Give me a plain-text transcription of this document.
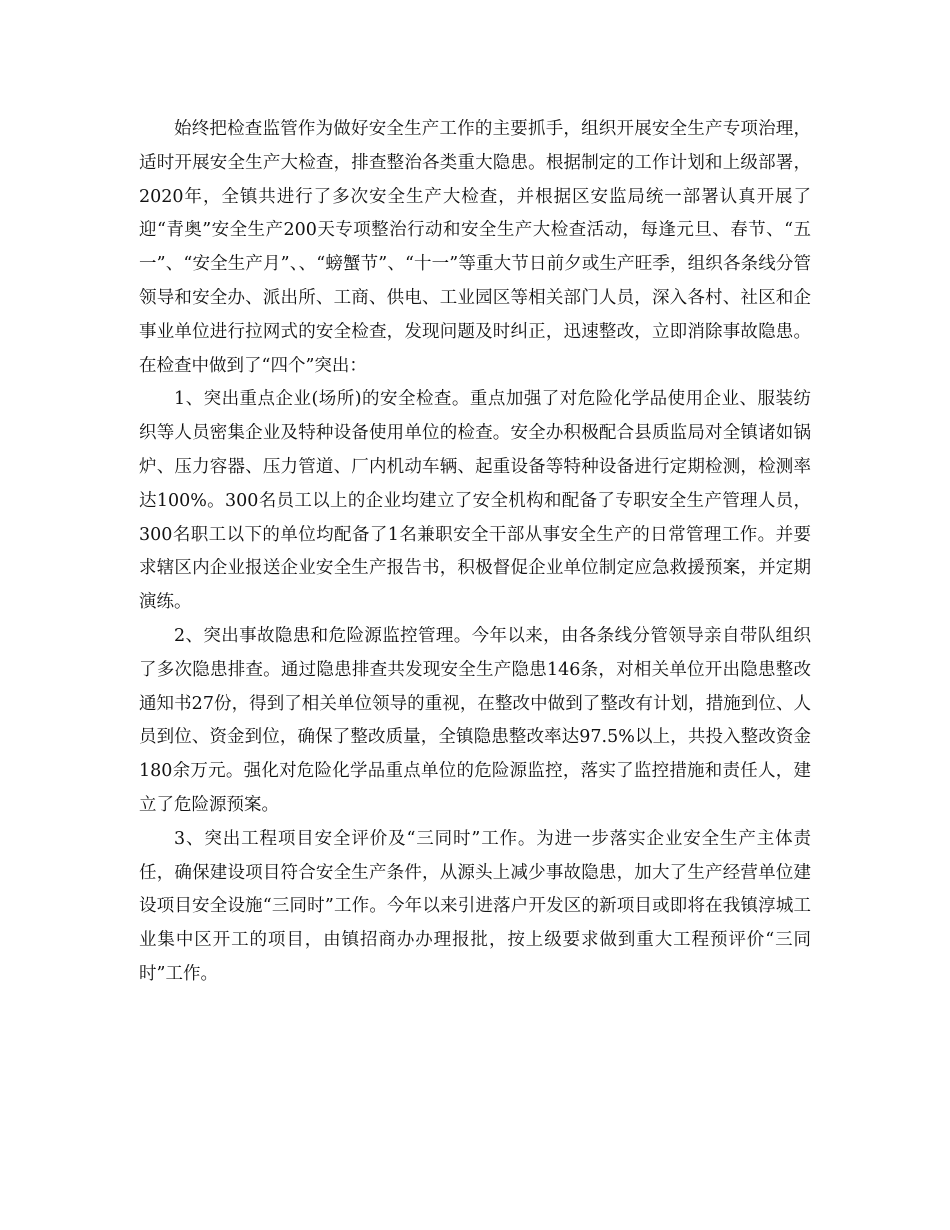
始终把检查监管作为做好安全生产工作的主要抓手，组织开展安全生产专项治理，适时开展安全生产大检查，排查整治各类重大隐患。根据制定的工作计划和上级部署，2020年，全镇共进行了多次安全生产大检查，并根据区安监局统一部署认真开展了迎“青奥”安全生产200天专项整治行动和安全生产大检查活动，每逢元旦、春节、“五一”、“安全生产月”、、“螃蟹节”、“十一”等重大节日前夕或生产旺季，组织各条线分管领导和安全办、派出所、工商、供电、工业园区等相关部门人员，深入各村、社区和企事业单位进行拉网式的安全检查，发现问题及时纠正，迅速整改，立即消除事故隐患。在检查中做到了“四个”突出：

1、突出重点企业(场所)的安全检查。重点加强了对危险化学品使用企业、服装纺织等人员密集企业及特种设备使用单位的检查。安全办积极配合县质监局对全镇诸如锅炉、压力容器、压力管道、厂内机动车辆、起重设备等特种设备进行定期检测，检测率达100%。300名员工以上的企业均建立了安全机构和配备了专职安全生产管理人员，300名职工以下的单位均配备了1名兼职安全干部从事安全生产的日常管理工作。并要求辖区内企业报送企业安全生产报告书，积极督促企业单位制定应急救援预案，并定期演练。

2、突出事故隐患和危险源监控管理。今年以来，由各条线分管领导亲自带队组织了多次隐患排查。通过隐患排查共发现安全生产隐患146条，对相关单位开出隐患整改通知书27份，得到了相关单位领导的重视，在整改中做到了整改有计划，措施到位、人员到位、资金到位，确保了整改质量，全镇隐患整改率达97.5%以上，共投入整改资金180余万元。强化对危险化学品重点单位的危险源监控，落实了监控措施和责任人，建立了危险源预案。

3、突出工程项目安全评价及“三同时”工作。为进一步落实企业安全生产主体责任，确保建设项目符合安全生产条件，从源头上减少事故隐患，加大了生产经营单位建设项目安全设施“三同时”工作。今年以来引进落户开发区的新项目或即将在我镇淳城工业集中区开工的项目，由镇招商办办理报批，按上级要求做到重大工程预评价“三同时”工作。
